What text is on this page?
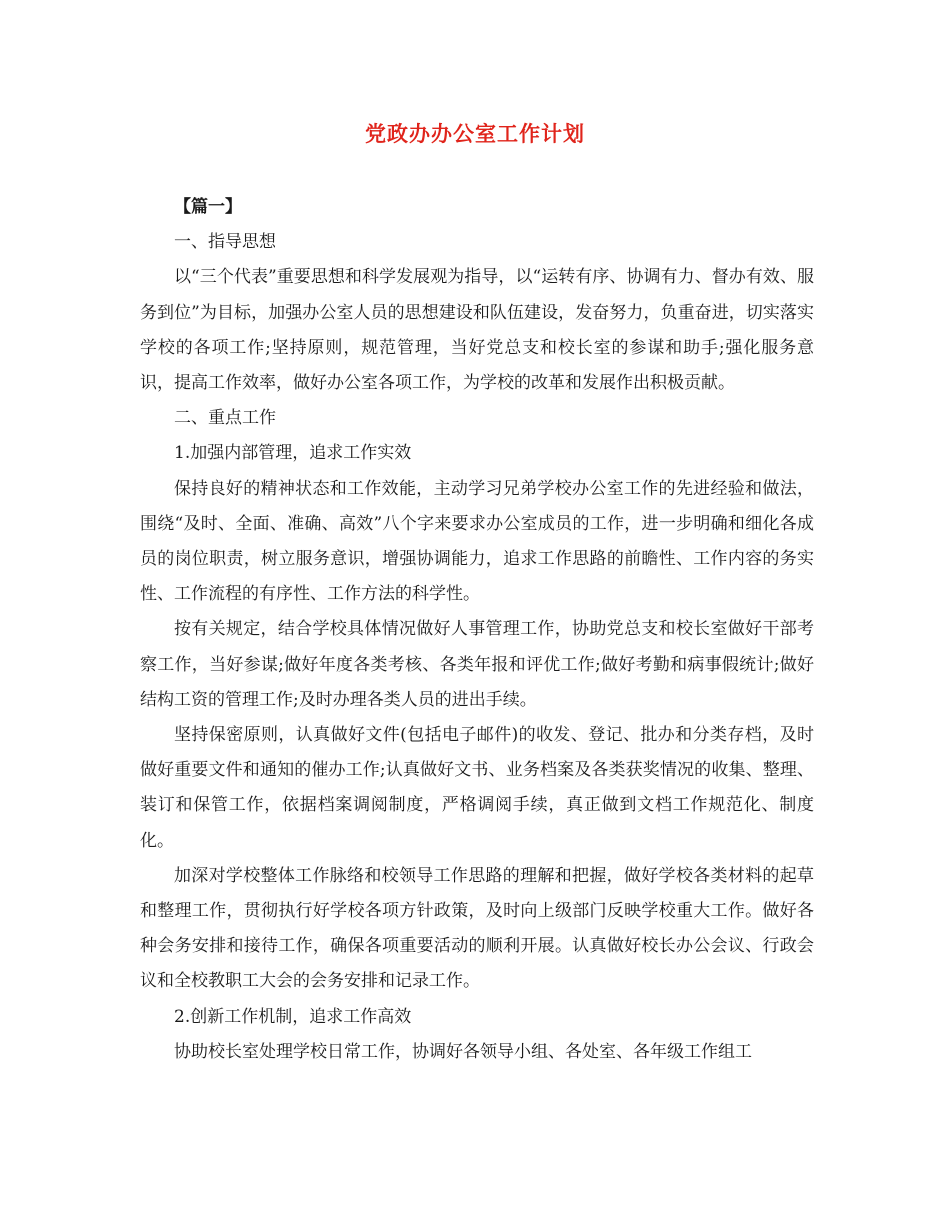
党政办办公室工作计划

【篇一】

一、指导思想

以“三个代表”重要思想和科学发展观为指导，以“运转有序、协调有力、督办有效、服务到位”为目标，加强办公室人员的思想建设和队伍建设，发奋努力，负重奋进，切实落实学校的各项工作;坚持原则，规范管理，当好党总支和校长室的参谋和助手;强化服务意识，提高工作效率，做好办公室各项工作，为学校的改革和发展作出积极贡献。

二、重点工作

1.加强内部管理，追求工作实效

保持良好的精神状态和工作效能，主动学习兄弟学校办公室工作的先进经验和做法，围绕“及时、全面、准确、高效”八个字来要求办公室成员的工作，进一步明确和细化各成员的岗位职责，树立服务意识，增强协调能力，追求工作思路的前瞻性、工作内容的务实性、工作流程的有序性、工作方法的科学性。

按有关规定，结合学校具体情况做好人事管理工作，协助党总支和校长室做好干部考察工作，当好参谋;做好年度各类考核、各类年报和评优工作;做好考勤和病事假统计;做好结构工资的管理工作;及时办理各类人员的进出手续。

坚持保密原则，认真做好文件(包括电子邮件)的收发、登记、批办和分类存档，及时做好重要文件和通知的催办工作;认真做好文书、业务档案及各类获奖情况的收集、整理、装订和保管工作，依据档案调阅制度，严格调阅手续，真正做到文档工作规范化、制度化。

加深对学校整体工作脉络和校领导工作思路的理解和把握，做好学校各类材料的起草和整理工作，贯彻执行好学校各项方针政策，及时向上级部门反映学校重大工作。做好各种会务安排和接待工作，确保各项重要活动的顺利开展。认真做好校长办公会议、行政会议和全校教职工大会的会务安排和记录工作。

2.创新工作机制，追求工作高效

协助校长室处理学校日常工作，协调好各领导小组、各处室、各年级工作组工
